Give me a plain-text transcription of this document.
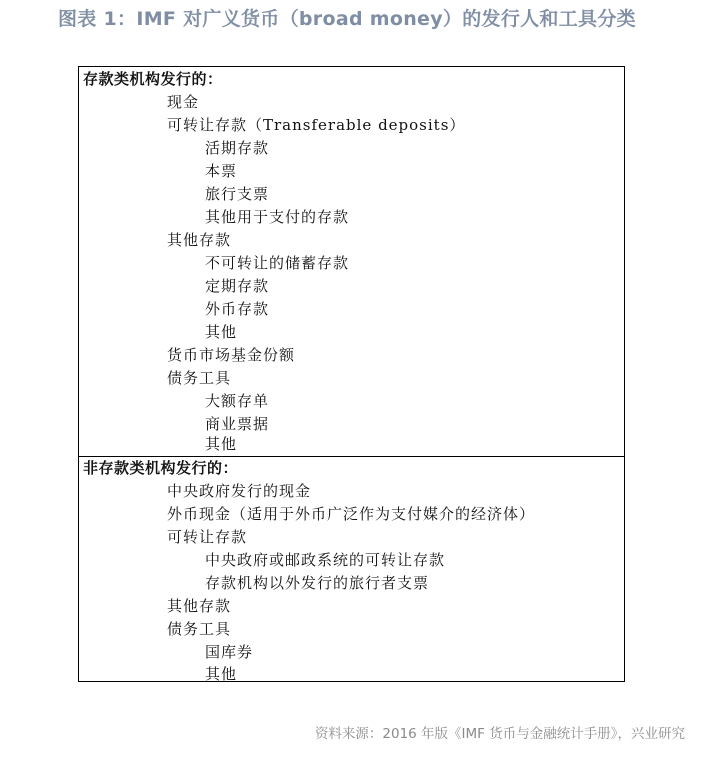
图表 1：IMF 对广义货币（broad money）的发行人和工具分类
存款类机构发行的：
现金
可转让存款（Transferable deposits）
活期存款
本票
旅行支票
其他用于支付的存款
其他存款
不可转让的储蓄存款
定期存款
外币存款
其他
货币市场基金份额
债务工具
大额存单
商业票据
其他
非存款类机构发行的：
中央政府发行的现金
外币现金（适用于外币广泛作为支付媒介的经济体）
可转让存款
中央政府或邮政系统的可转让存款
存款机构以外发行的旅行者支票
其他存款
债务工具
国库券
其他
资料来源：2016 年版《IMF 货币与金融统计手册》，兴业研究
